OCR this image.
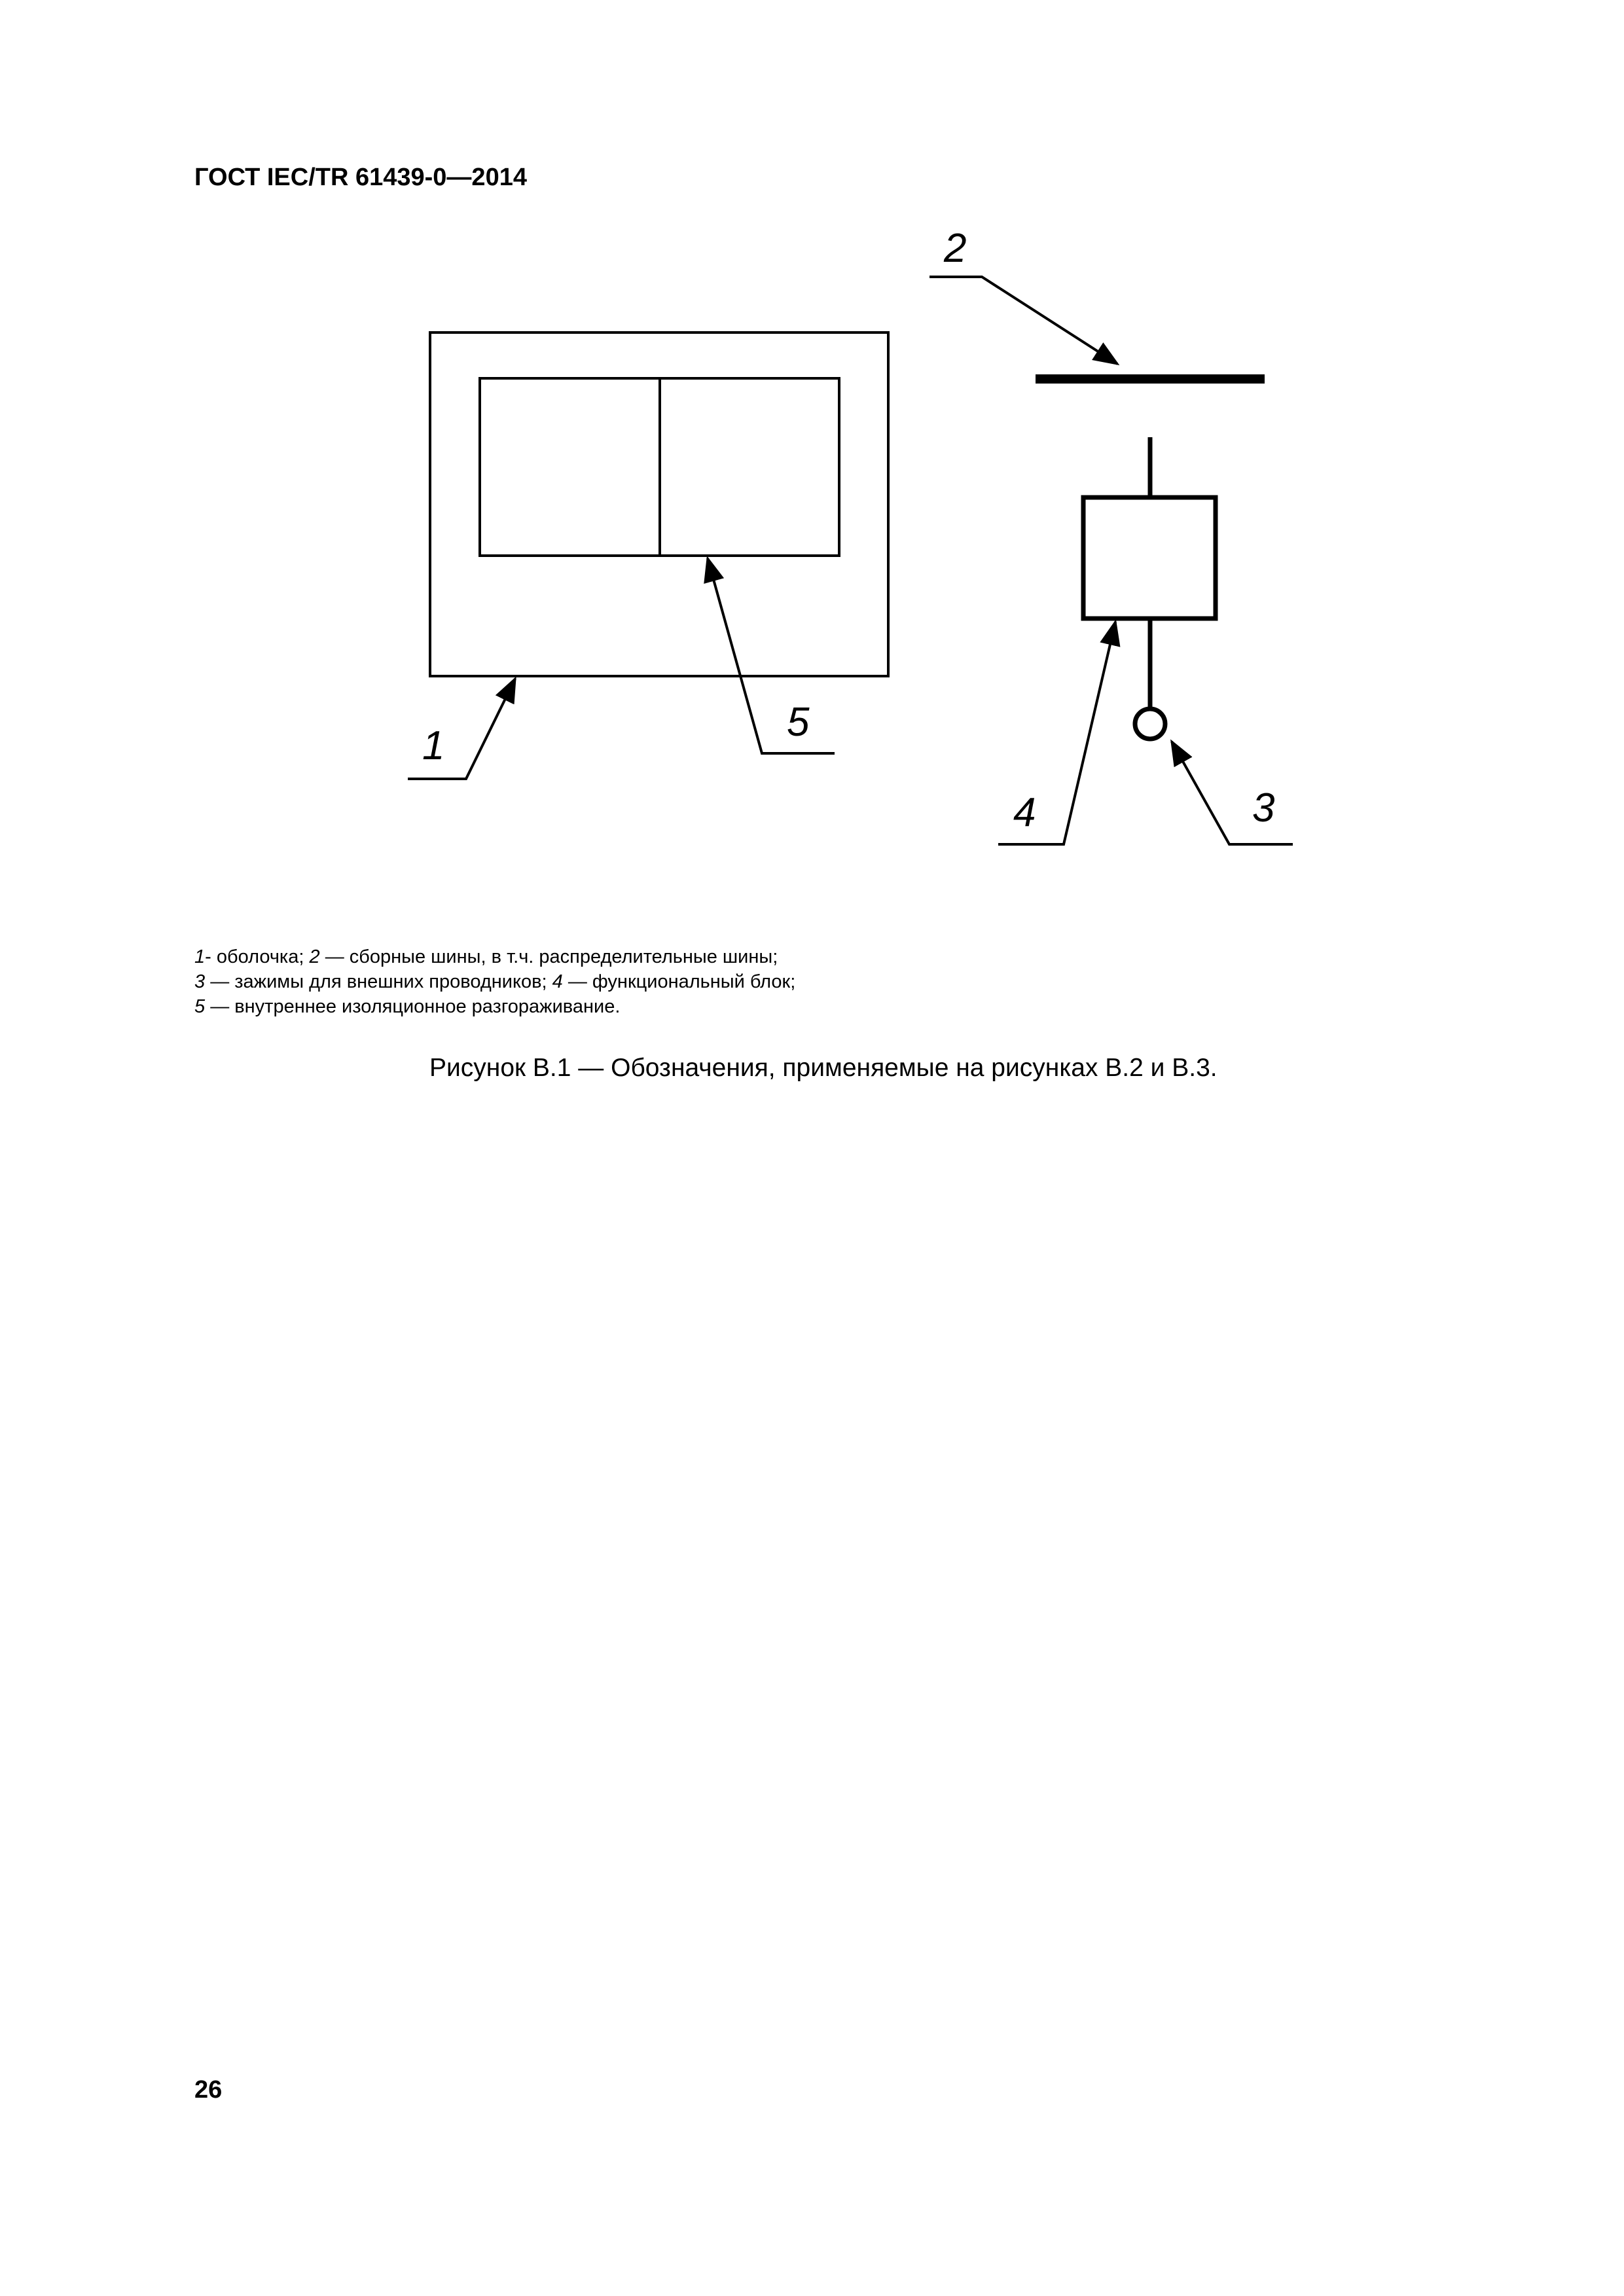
ГОСТ IEC/TR 61439-0—2014
1
5
2
4	3
1- оболочка; 2 — сборные шины, в т.ч. распределительные шины;
3 — зажимы для внешних проводников; 4 — функциональный блок;
5 — внутреннее изоляционное разгораживание.
Рисунок В.1 — Обозначения, применяемые на рисунках В.2 и В.3.
26
